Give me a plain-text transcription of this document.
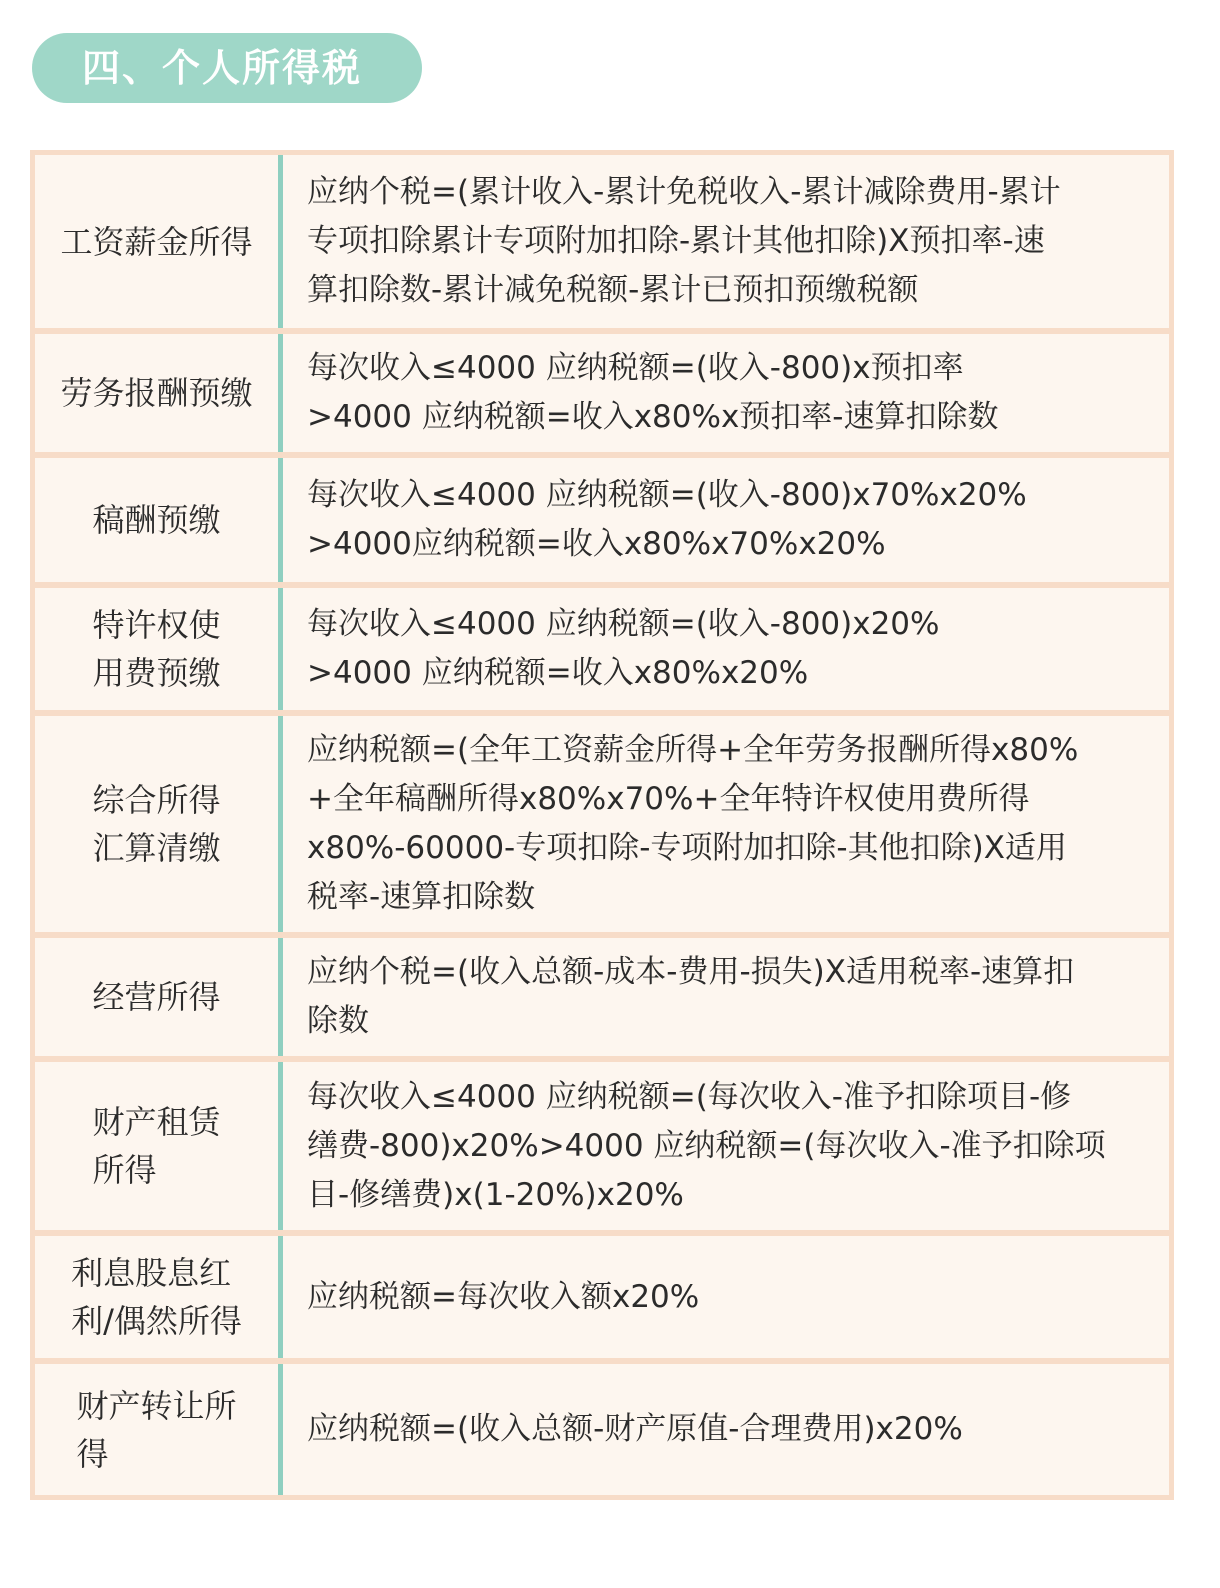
四、个人所得税
工资薪金所得
应纳个税=(累计收入-累计免税收入-累计减除费用-累计
专项扣除累计专项附加扣除-累计其他扣除)X预扣率-速
算扣除数-累计减免税额-累计已预扣预缴税额
劳务报酬预缴
每次收入≤4000 应纳税额=(收入-800)x预扣率
>4000 应纳税额=收入x80%x预扣率-速算扣除数
稿酬预缴
每次收入≤4000 应纳税额=(收入-800)x70%x20%
>4000应纳税额=收入x80%x70%x20%
特许权使
用费预缴
每次收入≤4000 应纳税额=(收入-800)x20%
>4000 应纳税额=收入x80%x20%
综合所得
汇算清缴
应纳税额=(全年工资薪金所得+全年劳务报酬所得x80%
+全年稿酬所得x80%x70%+全年特许权使用费所得
x80%-60000-专项扣除-专项附加扣除-其他扣除)X适用
税率-速算扣除数
经营所得
应纳个税=(收入总额-成本-费用-损失)X适用税率-速算扣
除数
财产租赁
所得
每次收入≤4000 应纳税额=(每次收入-准予扣除项目-修
缮费-800)x20%>4000 应纳税额=(每次收入-准予扣除项
目-修缮费)x(1-20%)x20%
利息股息红
利/偶然所得
应纳税额=每次收入额x20%
财产转让所
得
应纳税额=(收入总额-财产原值-合理费用)x20%
